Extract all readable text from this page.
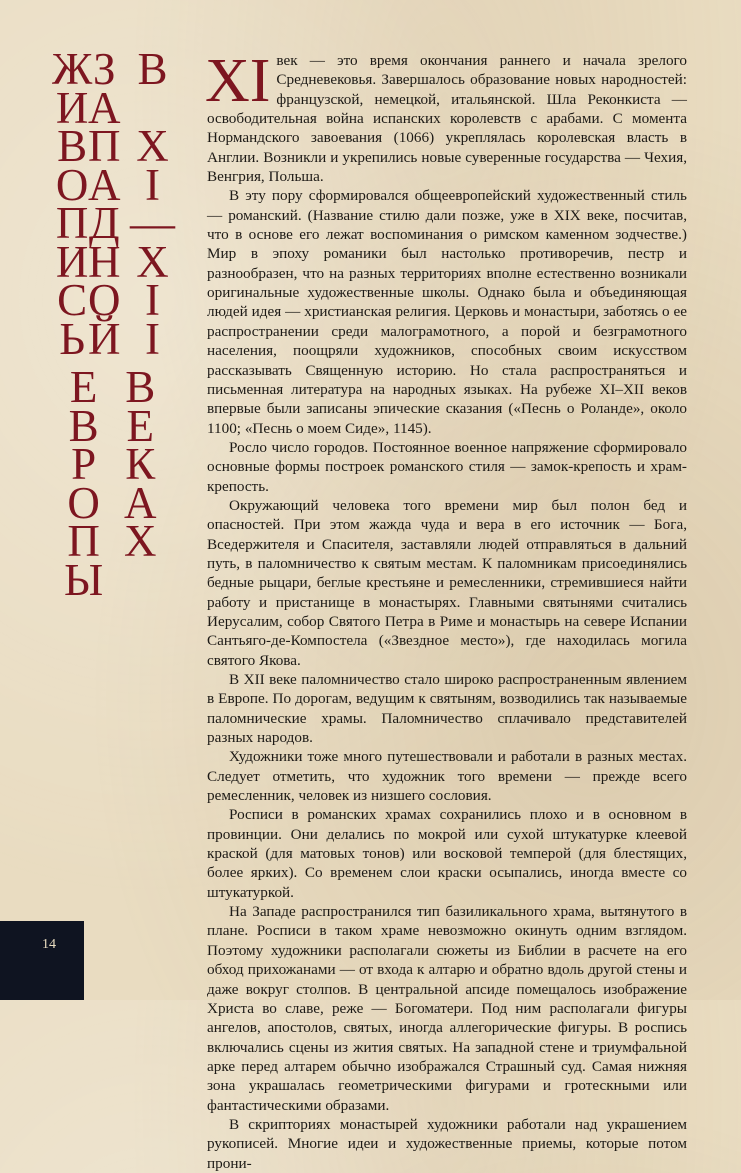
Ж
И
В
О
П
И
С
Ь
З
А
П
А
Д
Н
О
Й
В
Х
I
—
Х
I
I
Е
В
Р
О
П
Ы
В
Е
К
А
Х

XI век — это время окончания раннего и начала зрелого Средневековья. Завершалось образование новых народностей: французской, немецкой, итальянской. Шла Реконкиста — освободительная война испанских королевств с арабами. С момента Нормандского завоевания (1066) укреплялась королевская власть в Англии. Возникли и укрепились новые суверенные государства — Чехия, Венгрия, Польша.

В эту пору сформировался общеевропейский художественный стиль — романский. (Название стилю дали позже, уже в XIX веке, посчитав, что в основе его лежат воспоминания о римском каменном зодчестве.) Мир в эпоху романики был настолько противоречив, пестр и разнообразен, что на разных территориях вполне естественно возникали оригинальные художественные школы. Однако была и объединяющая людей идея — христианская религия. Церковь и монастыри, заботясь о ее распространении среди малограмотного, а порой и безграмотного населения, поощряли художников, способных своим искусством рассказывать Священную историю. Но стала распространяться и письменная литература на народных языках. На рубеже XI–XII веков впервые были записаны эпические сказания («Песнь о Роланде», около 1100; «Песнь о моем Сиде», 1145).

Росло число городов. Постоянное военное напряжение сформировало основные формы построек романского стиля — замок-крепость и храм-крепость.

Окружающий человека того времени мир был полон бед и опасностей. При этом жажда чуда и вера в его источник — Бога, Вседержителя и Спасителя, заставляли людей отправляться в дальний путь, в паломничество к святым местам. К паломникам присоединялись бедные рыцари, беглые крестьяне и ремесленники, стремившиеся найти работу и пристанище в монастырях. Главными святынями считались Иерусалим, собор Святого Петра в Риме и монастырь на севере Испании Сантьяго-де-Компостела («Звездное место»), где находилась могила святого Якова.

В XII веке паломничество стало широко распространенным явлением в Европе. По дорогам, ведущим к святыням, возводились так называемые паломнические храмы. Паломничество сплачивало представителей разных народов.

Художники тоже много путешествовали и работали в разных местах. Следует отметить, что художник того времени — прежде всего ремесленник, человек из низшего сословия.

Росписи в романских храмах сохранились плохо и в основном в провинции. Они делались по мокрой или сухой штукатурке клеевой краской (для матовых тонов) или восковой темперой (для блестящих, более ярких). Со временем слои краски осыпались, иногда вместе со штукатуркой.

На Западе распространился тип базиликального храма, вытянутого в плане. Росписи в таком храме невозможно окинуть одним взглядом. Поэтому художники располагали сюжеты из Библии в расчете на его обход прихожанами — от входа к алтарю и обратно вдоль другой стены и даже вокруг столпов. В центральной апсиде помещалось изображение Христа во славе, реже — Богоматери. Под ним располагали фигуры ангелов, апостолов, святых, иногда аллегорические фигуры. В роспись включались сцены из жития святых. На западной стене и триумфальной арке перед алтарем обычно изображался Страшный суд. Самая нижняя зона украшалась геометрическими фигурами и гротескными или фантастическими образами.

В скрипториях монастырей художники работали над украшением рукописей. Многие идеи и художественные приемы, которые потом прони-

14
